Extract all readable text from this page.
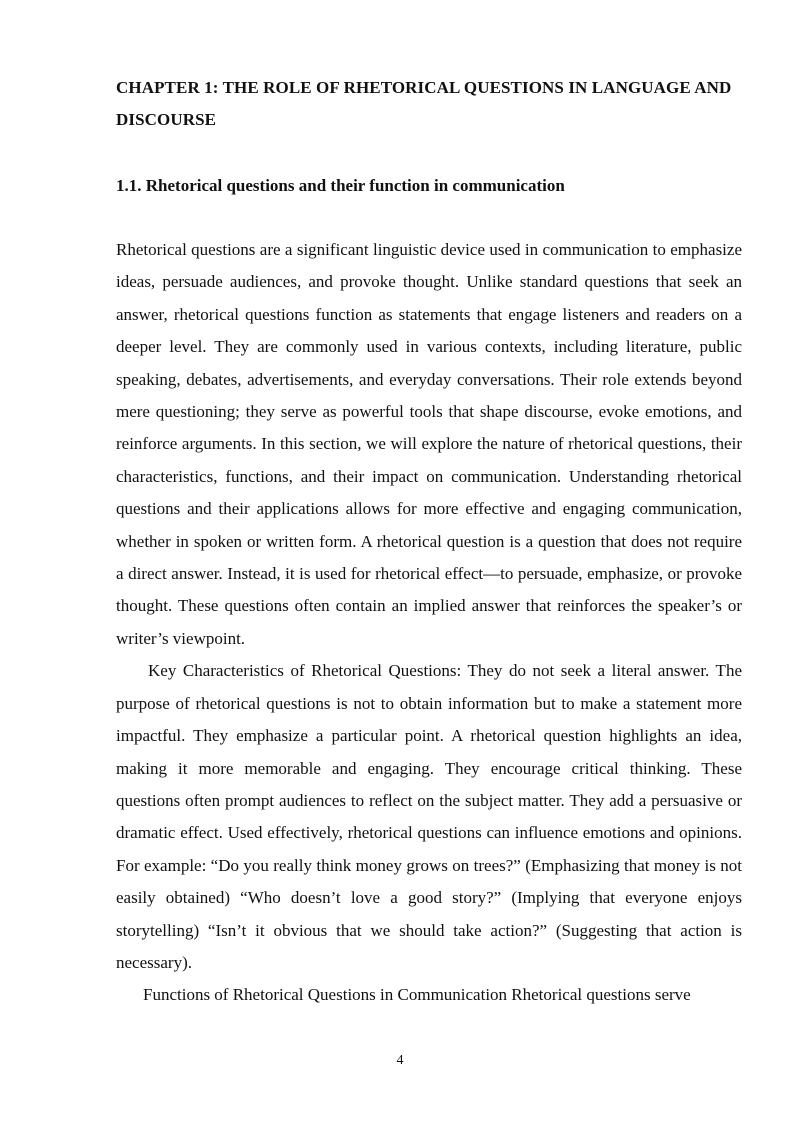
CHAPTER 1: THE ROLE OF RHETORICAL QUESTIONS IN LANGUAGE AND DISCOURSE
1.1. Rhetorical questions and their function in communication

Rhetorical questions are a significant linguistic device used in communication to emphasize ideas, persuade audiences, and provoke thought. Unlike standard questions that seek an answer, rhetorical questions function as statements that engage listeners and readers on a deeper level. They are commonly used in various contexts, including literature, public speaking, debates, advertisements, and everyday conversations. Their role extends beyond mere questioning; they serve as powerful tools that shape discourse, evoke emotions, and reinforce arguments. In this section, we will explore the nature of rhetorical questions, their characteristics, functions, and their impact on communication. Understanding rhetorical questions and their applications allows for more effective and engaging communication, whether in spoken or written form. A rhetorical question is a question that does not require a direct answer. Instead, it is used for rhetorical effect—to persuade, emphasize, or provoke thought. These questions often contain an implied answer that reinforces the speaker’s or writer’s viewpoint.

Key Characteristics of Rhetorical Questions: They do not seek a literal answer. The purpose of rhetorical questions is not to obtain information but to make a statement more impactful. They emphasize a particular point. A rhetorical question highlights an idea, making it more memorable and engaging. They encourage critical thinking. These questions often prompt audiences to reflect on the subject matter. They add a persuasive or dramatic effect. Used effectively, rhetorical questions can influence emotions and opinions. For example: “Do you really think money grows on trees?” (Emphasizing that money is not easily obtained) “Who doesn’t love a good story?” (Implying that everyone enjoys storytelling) “Isn’t it obvious that we should take action?” (Suggesting that action is necessary).

Functions of Rhetorical Questions in Communication Rhetorical questions serve

4
